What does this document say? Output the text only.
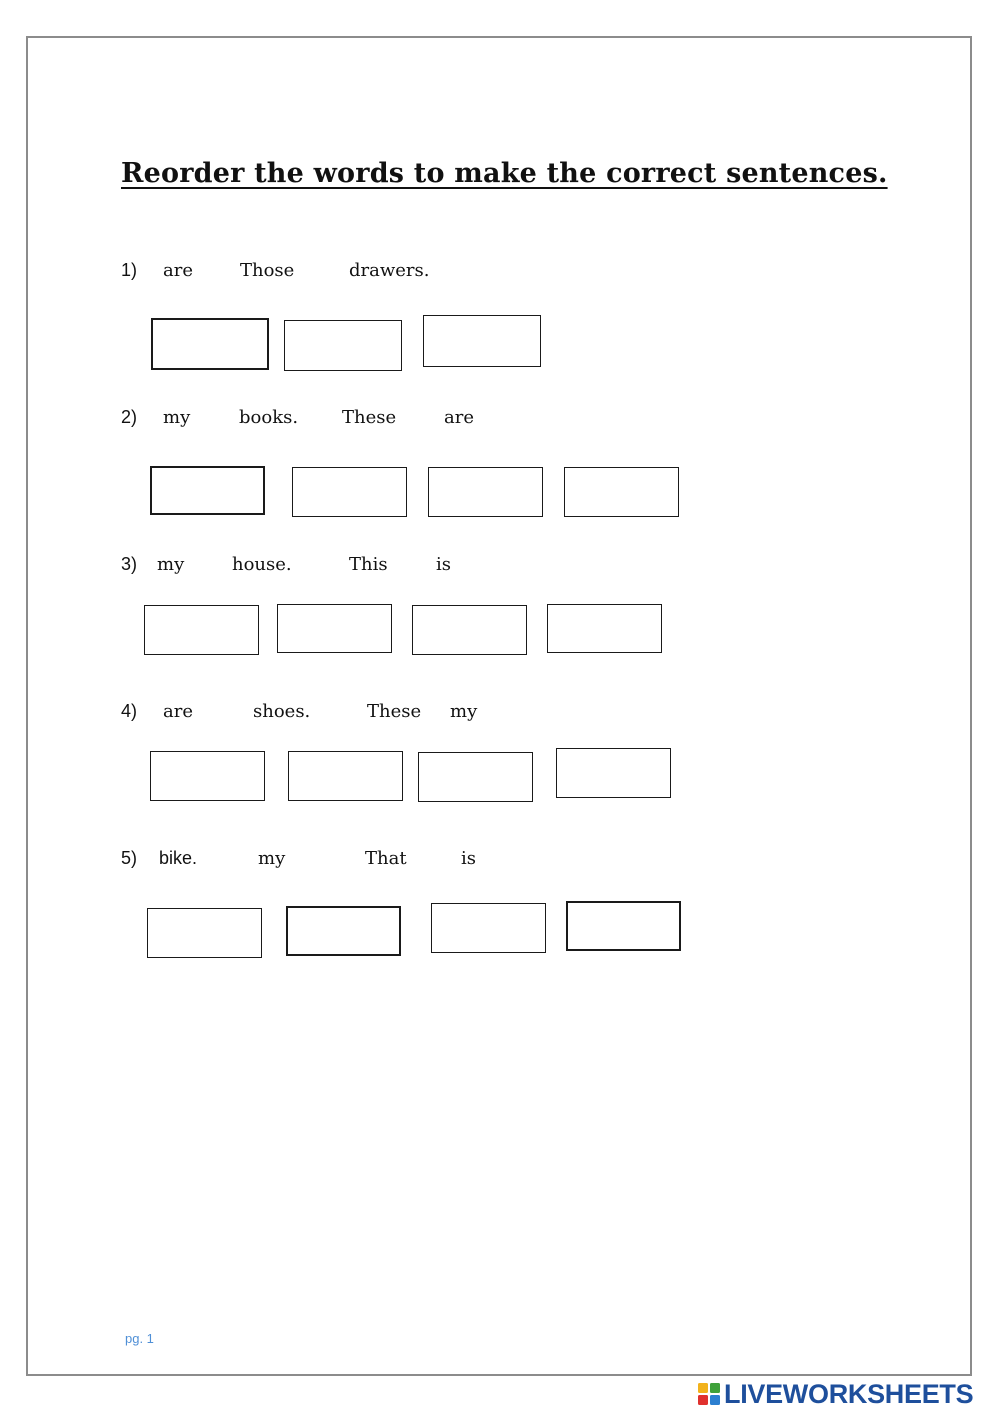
Reorder the words to make the correct sentences.
1) are	Those	drawers.
2) my	books. These	are
3) my	house.	This	is
4) are	shoes.	These my
5) bike.	my	That	is
pg. 1
LIVEWORKSHEETS
